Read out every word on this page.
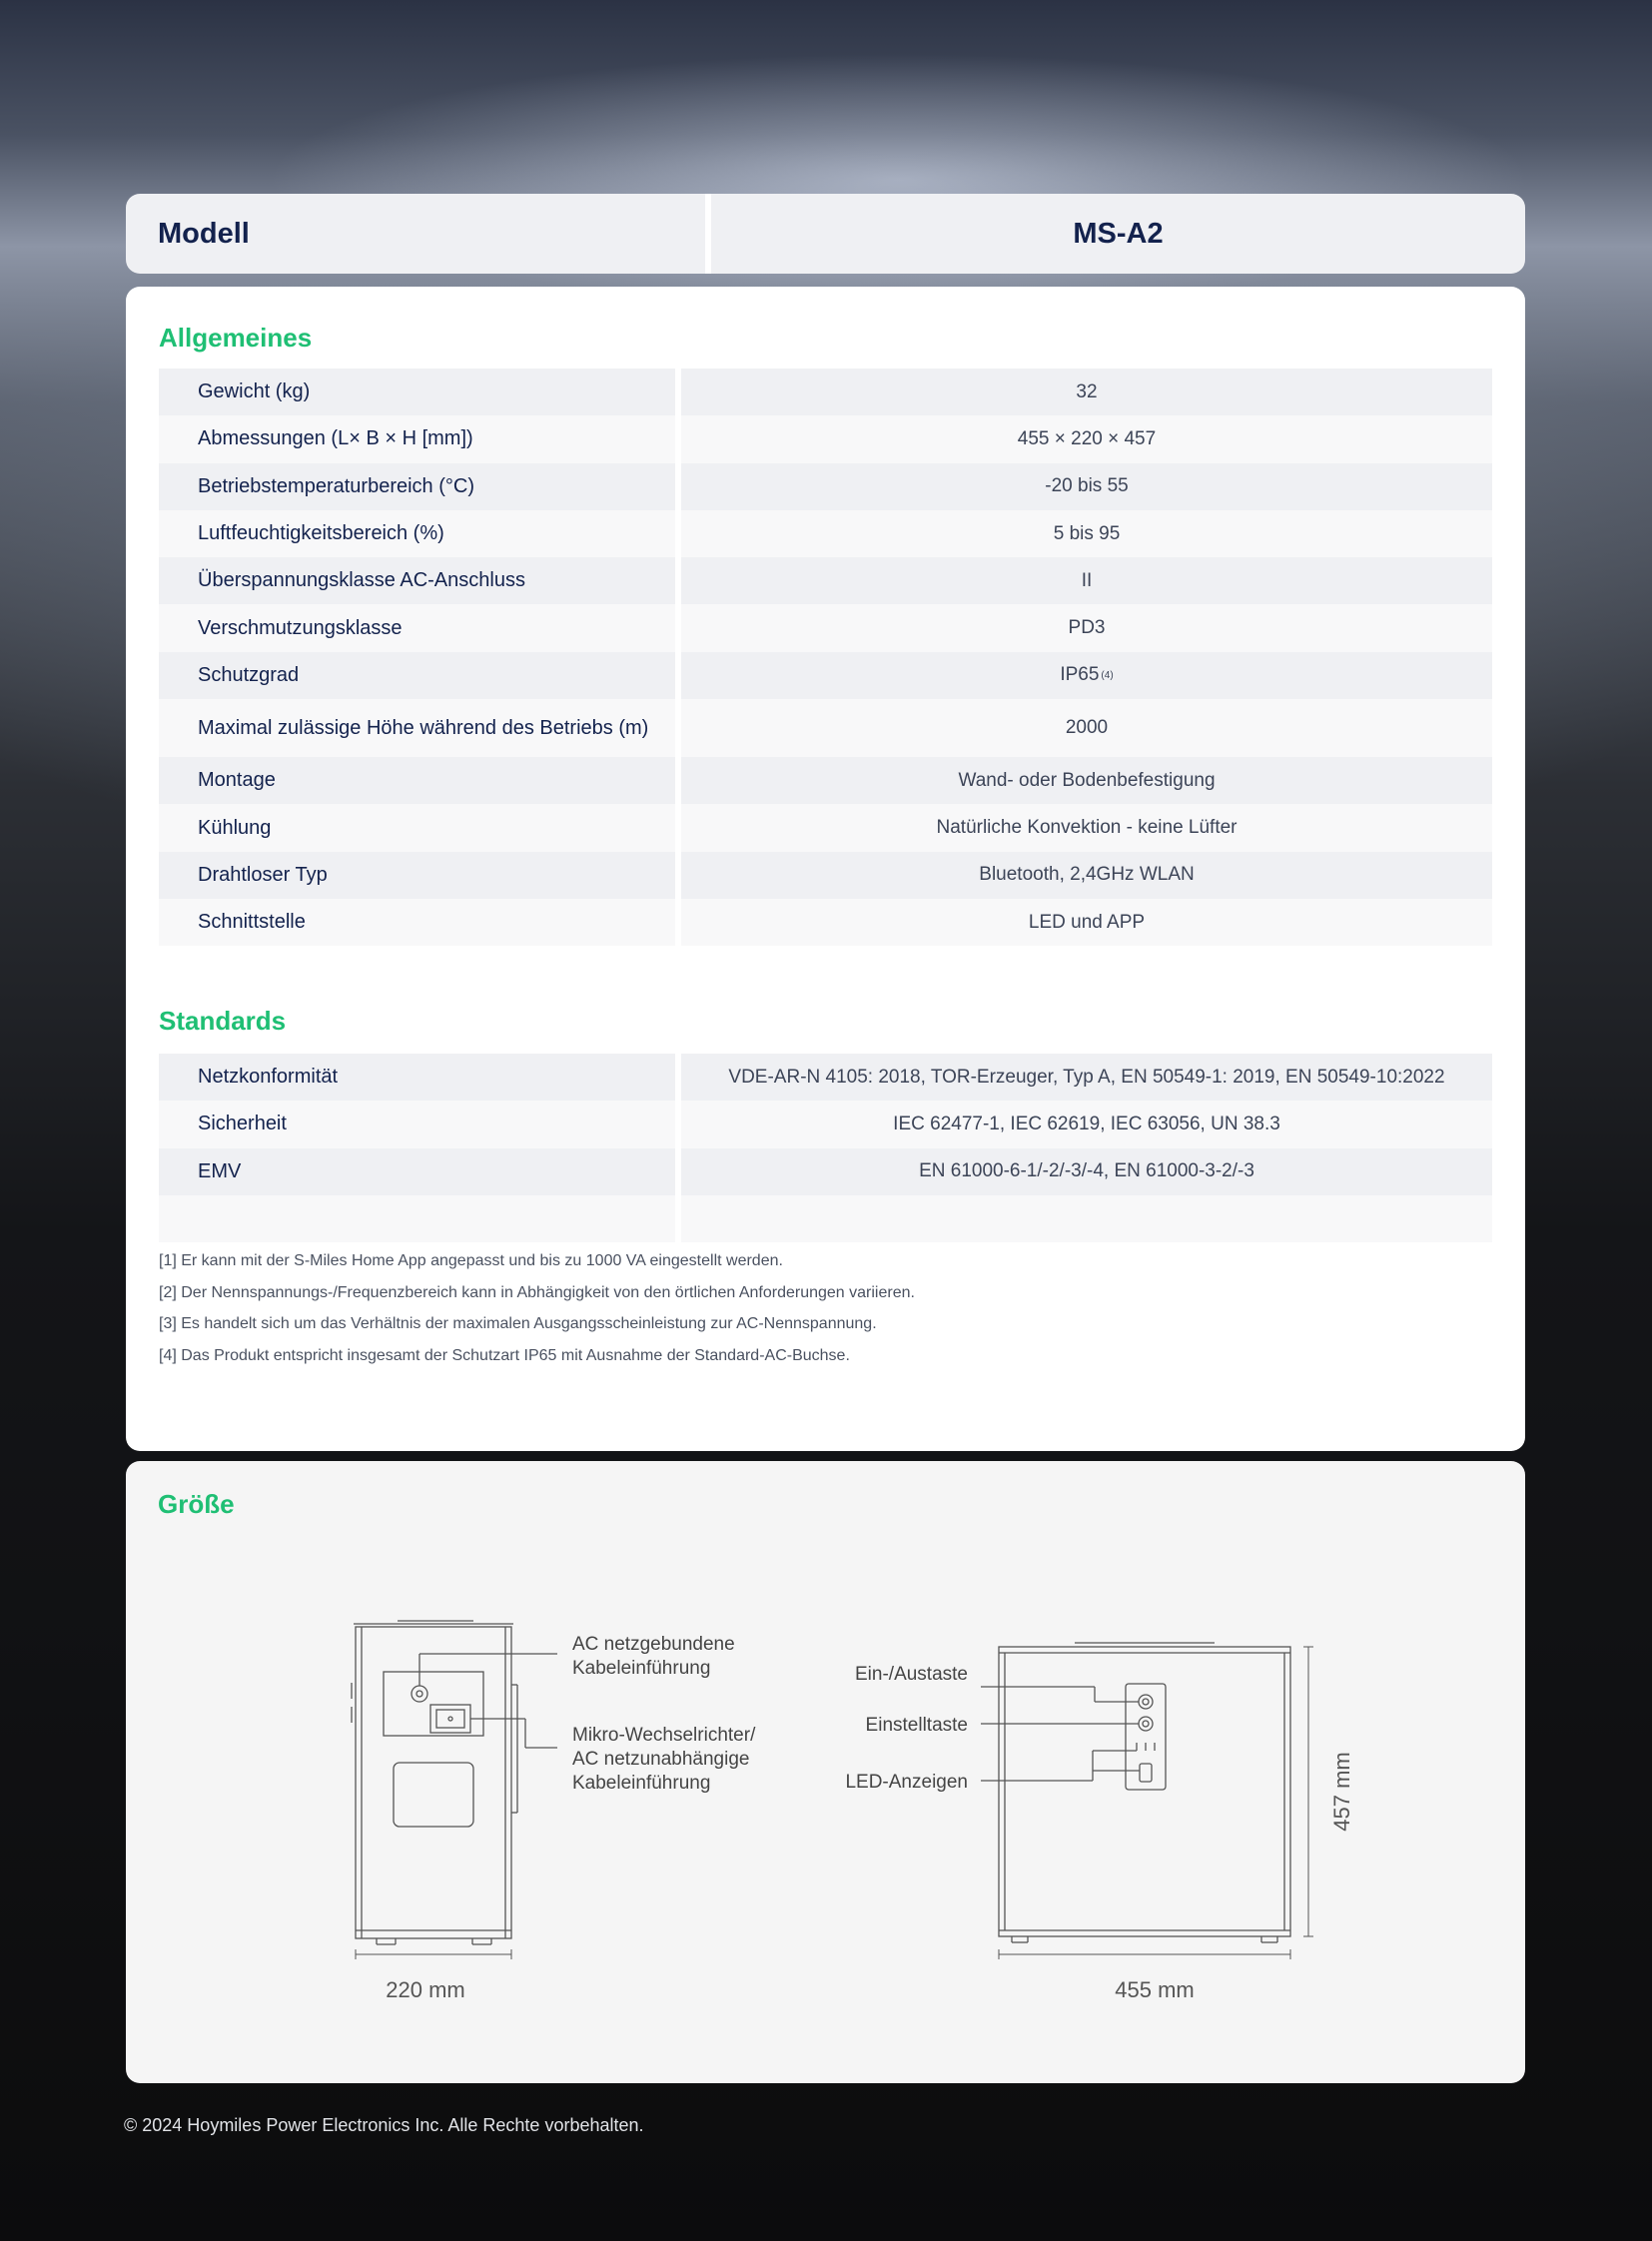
Modell	MS-A2
Allgemeines
Gewicht (kg)	32
Abmessungen (L× B × H [mm])	455 × 220 × 457
Betriebstemperaturbereich (°C)	-20 bis 55
Luftfeuchtigkeitsbereich (%)	5 bis 95
Überspannungsklasse AC-Anschluss	II
Verschmutzungsklasse	PD3
Schutzgrad	IP65 (4)
Maximal zulässige Höhe während des Betriebs (m)	2000
Montage	Wand- oder Bodenbefestigung
Kühlung	Natürliche Konvektion - keine Lüfter
Drahtloser Typ	Bluetooth, 2,4GHz WLAN
Schnittstelle	LED und APP
Standards
Netzkonformität	VDE-AR-N 4105: 2018, TOR-Erzeuger, Typ A, EN 50549-1: 2019, EN 50549-10:2022
Sicherheit	IEC 62477-1, IEC 62619, IEC 63056, UN 38.3
EMV	EN 61000-6-1/-2/-3/-4, EN 61000-3-2/-3
[1] Er kann mit der S-Miles Home App angepasst und bis zu 1000 VA eingestellt werden.
[2] Der Nennspannungs-/Frequenzbereich kann in Abhängigkeit von den örtlichen Anforderungen variieren.
[3] Es handelt sich um das Verhältnis der maximalen Ausgangsscheinleistung zur AC-Nennspannung.
[4] Das Produkt entspricht insgesamt der Schutzart IP65 mit Ausnahme der Standard-AC-Buchse.
Größe
AC netzgebundene
Kabeleinführung
Mikro-Wechselrichter/
AC netzunabhängige
Kabeleinführung
Ein-/Austaste
Einstelltaste
LED-Anzeigen
220 mm	455 mm
457 mm
© 2024 Hoymiles Power Electronics Inc. Alle Rechte vorbehalten.
